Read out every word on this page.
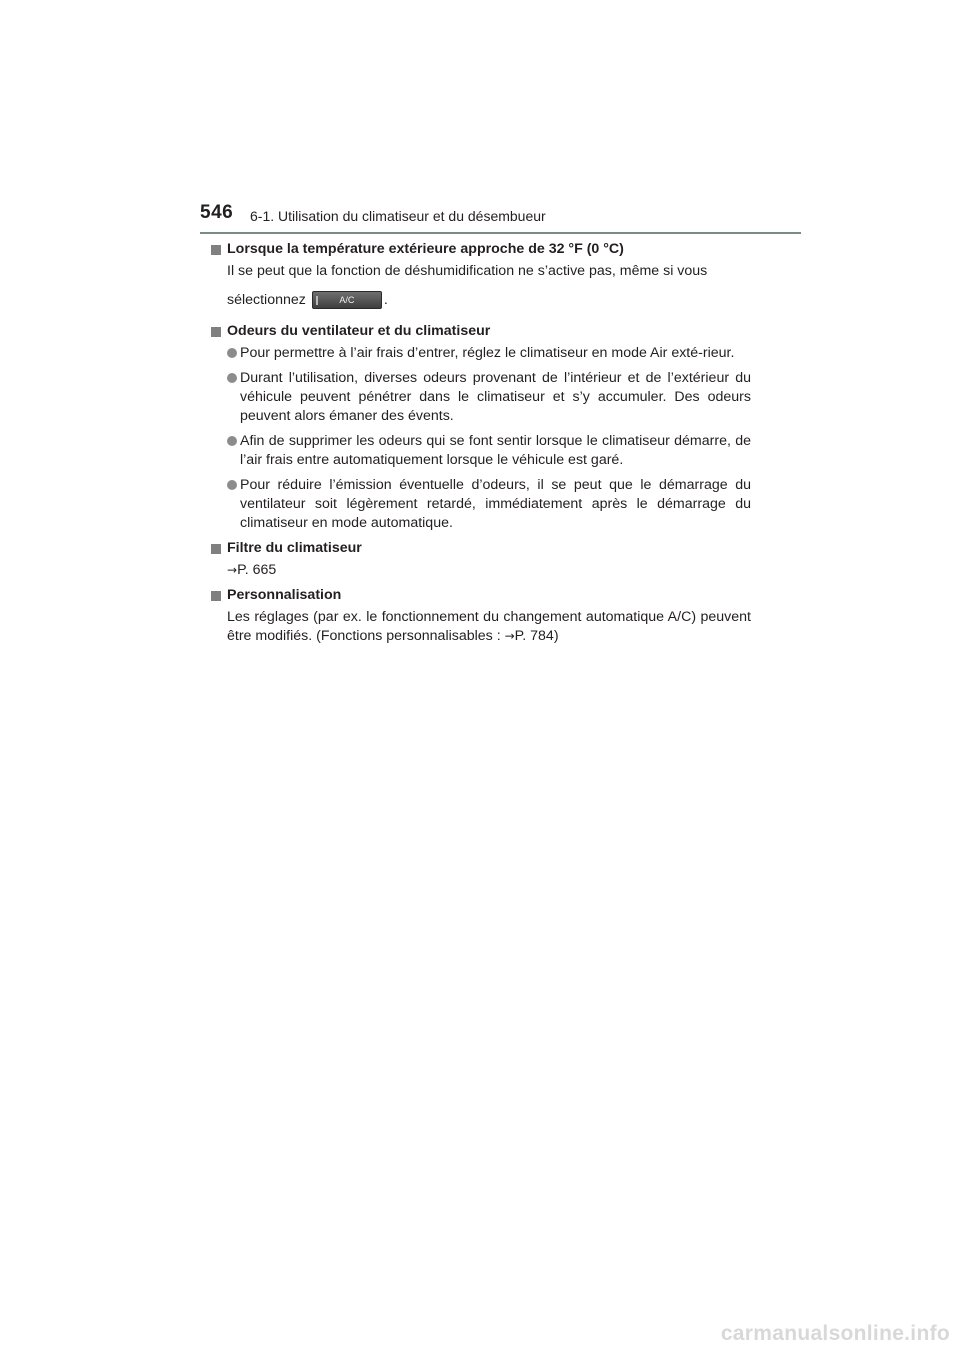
546 6-1. Utilisation du climatiseur et du désembueur
Lorsque la température extérieure approche de 32 °F (0 °C)

Il se peut que la fonction de déshumidification ne s’active pas, même si vous

sélectionnez	A/C .

Odeurs du ventilateur et du climatiseur
Pour permettre à l’air frais d’entrer, réglez le climatiseur en mode Air exté-rieur.
Durant l’utilisation, diverses odeurs provenant de l’intérieur et de l’extérieur du véhicule peuvent pénétrer dans le climatiseur et s’y accumuler. Des odeurs peuvent alors émaner des évents.
Afin de supprimer les odeurs qui se font sentir lorsque le climatiseur démarre, de l’air frais entre automatiquement lorsque le véhicule est garé.
Pour réduire l’émission éventuelle d’odeurs, il se peut que le démarrage du ventilateur soit légèrement retardé, immédiatement après le démarrage du climatiseur en mode automatique.
Filtre du climatiseur

→P. 665

Personnalisation

Les réglages (par ex. le fonctionnement du changement automatique A/C) peuvent être modifiés. (Fonctions personnalisables : →P. 784)

carmanualsonline.info
